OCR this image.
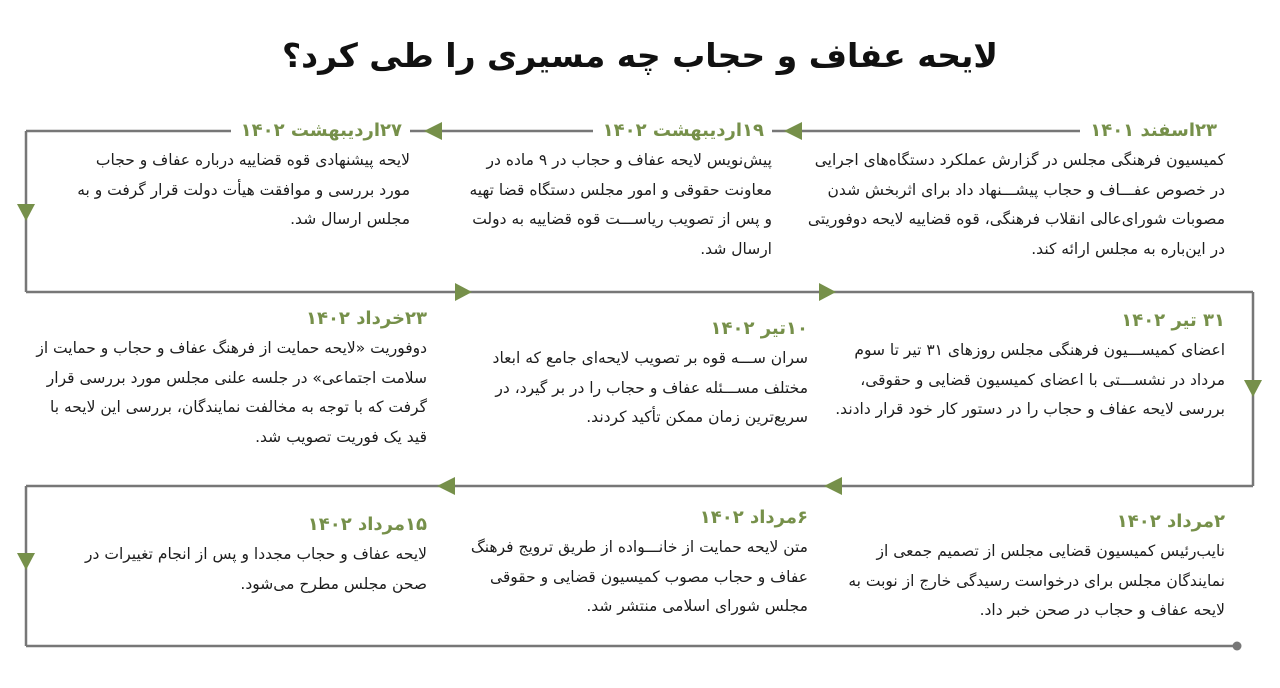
لایحه عفاف و حجاب چه مسیری را طی کرد؟
۲۳اسفند ۱۴۰۱
کمیسیون فرهنگی مجلس در گزارش عملکرد دستگاه‌های اجرایی در خصوص عفـــاف و حجاب پیشـــنهاد داد برای اثربخش شدن مصوبات شورای‌عالی انقلاب فرهنگی، قوه قضاییه لایحه دوفوریتی در این‌باره به مجلس ارائه کند.
۱۹اردیبهشت ۱۴۰۲
پیش‌نویس لایحه عفاف و حجاب در ۹ ماده در معاونت حقوقی و امور مجلس دستگاه قضا تهیه و پس از تصویب ریاســـت قوه قضاییه به دولت ارسال شد.
۲۷اردیبهشت ۱۴۰۲
لایحه پیشنهادی قوه قضاییه درباره عفاف و حجاب مورد بررسی و موافقت هیأت دولت قرار گرفت و به مجلس ارسال شد.
۳۱ تیر ۱۴۰۲
اعضای کمیســـیون فرهنگی مجلس روزهای ۳۱ تیر تا سوم مرداد در نشســـتی با اعضای کمیسیون قضایی و حقوقی، بررسی لایحه عفاف و حجاب را در دستور کار خود قرار دادند.
۱۰تیر ۱۴۰۲
سران ســـه قوه بر تصویب لایحه‌ای جامع که ابعاد مختلف مســـئله عفاف و حجاب را در بر گیرد، در سریع‌ترین زمان ممکن تأکید کردند.
۲۳خرداد ۱۴۰۲
دوفوریت «لایحه حمایت از فرهنگ عفاف و حجاب و حمایت از سلامت اجتماعی» در جلسه علنی مجلس مورد بررسی قرار گرفت که با توجه به مخالفت نمایندگان، بررسی این لایحه با قید یک فوریت تصویب شد.
۲مرداد ۱۴۰۲
نایب‌رئیس کمیسیون قضایی مجلس از تصمیم جمعی از نمایندگان مجلس برای درخواست رسیدگی خارج از نوبت به لایحه عفاف و حجاب در صحن خبر داد.
۶مرداد ۱۴۰۲
متن لایحه حمایت از خانـــواده از طریق ترویج فرهنگ عفاف و حجاب مصوب کمیسیون قضایی و حقوقی مجلس شورای اسلامی منتشر شد.
۱۵مرداد ۱۴۰۲
لایحه عفاف و حجاب مجددا و پس از انجام تغییرات در صحن مجلس مطرح می‌شود.
